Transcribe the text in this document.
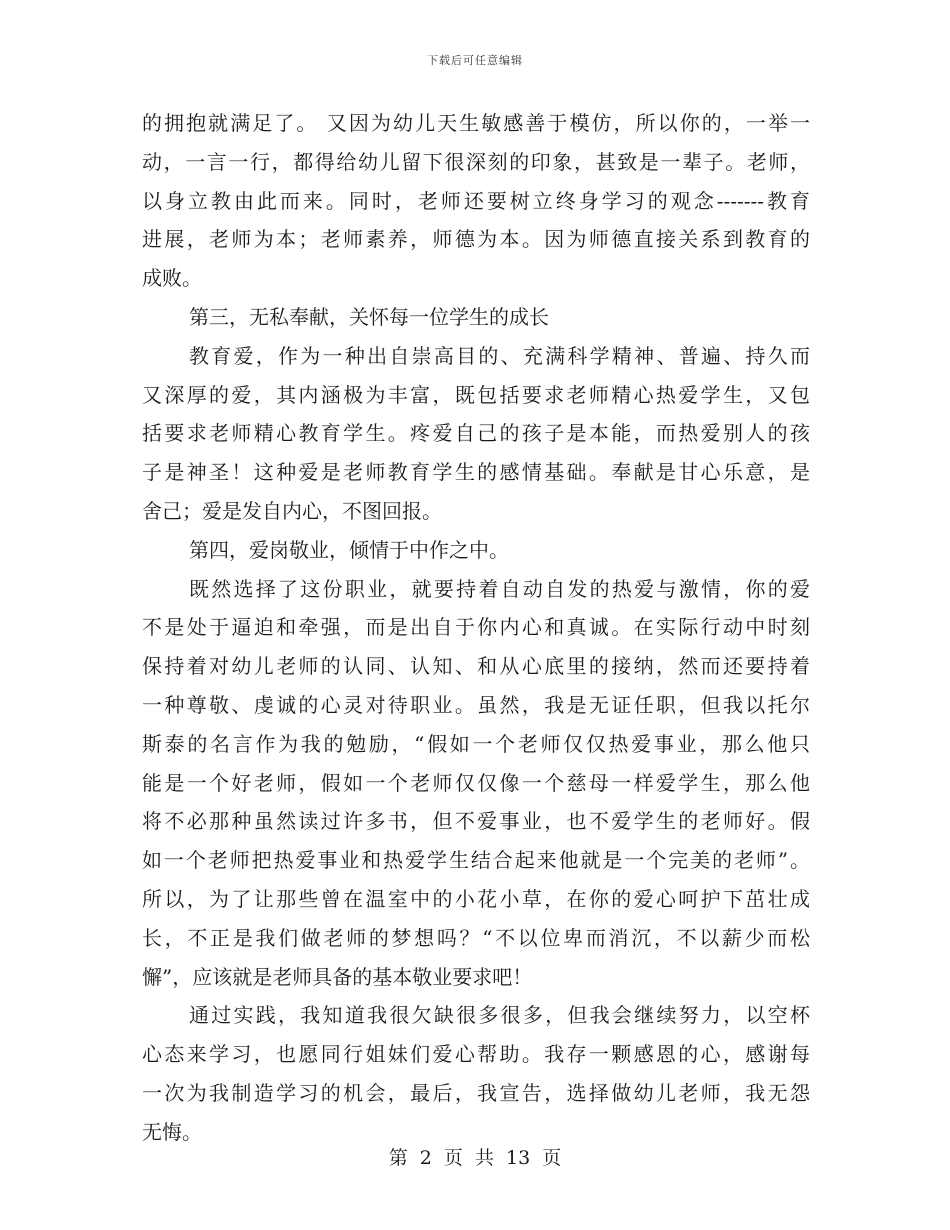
下载后可任意编辑
的拥抱就满足了。 又因为幼儿天生敏感善于模仿，所以你的，一举一
动，一言一行，都得给幼儿留下很深刻的印象，甚致是一辈子。老师，
以身立教由此而来。同时，老师还要树立终身学习的观念-------教育
进展，老师为本；老师素养，师德为本。因为师德直接关系到教育的
成败。
第三，无私奉献，关怀每一位学生的成长
教育爱，作为一种出自崇高目的、充满科学精神、普遍、持久而
又深厚的爱，其内涵极为丰富，既包括要求老师精心热爱学生，又包
括要求老师精心教育学生。疼爱自己的孩子是本能，而热爱别人的孩
子是神圣！这种爱是老师教育学生的感情基础。奉献是甘心乐意，是
舍己；爱是发自内心，不图回报。
第四，爱岗敬业，倾情于中作之中。
既然选择了这份职业，就要持着自动自发的热爱与激情，你的爱
不是处于逼迫和牵强，而是出自于你内心和真诚。在实际行动中时刻
保持着对幼儿老师的认同、认知、和从心底里的接纳，然而还要持着
一种尊敬、虔诚的心灵对待职业。虽然，我是无证任职，但我以托尔
斯泰的名言作为我的勉励，“假如一个老师仅仅热爱事业，那么他只
能是一个好老师，假如一个老师仅仅像一个慈母一样爱学生，那么他
将不必那种虽然读过许多书，但不爱事业，也不爱学生的老师好。假
如一个老师把热爱事业和热爱学生结合起来他就是一个完美的老师”。
所以，为了让那些曾在温室中的小花小草，在你的爱心呵护下茁壮成
长，不正是我们做老师的梦想吗？“不以位卑而消沉，不以薪少而松
懈”，应该就是老师具备的基本敬业要求吧！
通过实践，我知道我很欠缺很多很多，但我会继续努力，以空杯
心态来学习，也愿同行姐妹们爱心帮助。我存一颗感恩的心，感谢每
一次为我制造学习的机会，最后，我宣告，选择做幼儿老师，我无怨
无悔。
第 2 页 共 13 页
